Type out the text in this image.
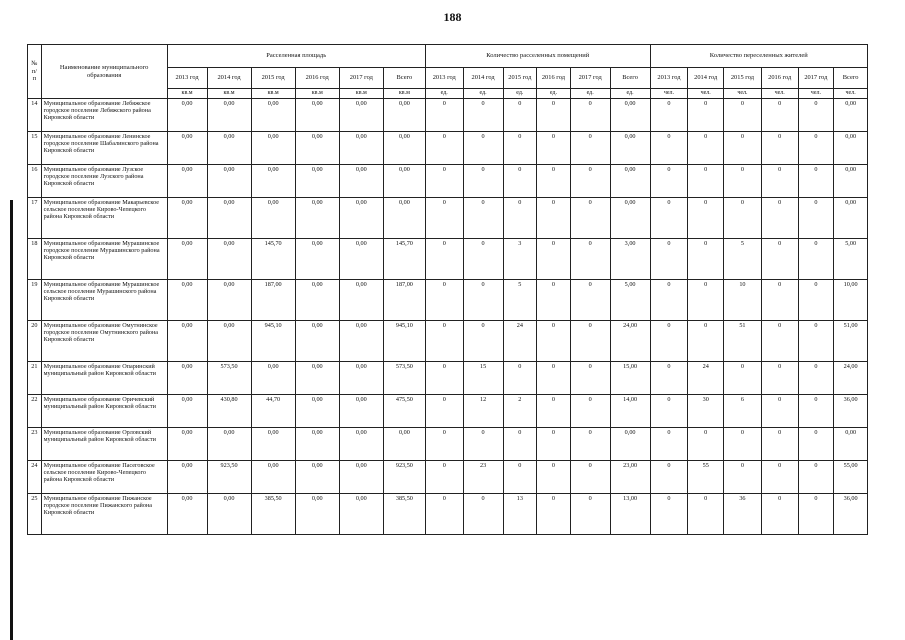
188
№ п/п	Наименование муниципального образования	Расселенная площадь						Количество расселенных помещений						Количество переселенных жителей					
		2013 год	2014 год	2015 год	2016 год	2017 год	Всего	2013 год	2014 год	2015 год	2016 год	2017 год	Всего	2013 год	2014 год	2015 год	2016 год	2017 год	Всего
		кв.м	кв.м	кв.м	кв.м	кв.м	кв.м	ед.	ед.	ед.	ед.	ед.	ед.	чел.	чел.	чел.	чел.	чел.	чел.
14	Муниципальное образование Лебяжское городское поселение Лебяжского района Кировской области	0,00	0,00	0,00	0,00	0,00	0,00	0	0	0	0	0	0,00	0	0	0	0	0	0,00
15	Муниципальное образование Ленинское городское поселение Шабалинского района Кировской области	0,00	0,00	0,00	0,00	0,00	0,00	0	0	0	0	0	0,00	0	0	0	0	0	0,00
16	Муниципальное образование Лузское городское поселение Лузского района Кировской области	0,00	0,00	0,00	0,00	0,00	0,00	0	0	0	0	0	0,00	0	0	0	0	0	0,00
17	Муниципальное образование Макарьевское сельское поселение Кирово-Чепецкого района Кировской области	0,00	0,00	0,00	0,00	0,00	0,00	0	0	0	0	0	0,00	0	0	0	0	0	0,00
18	Муниципальное образование Мурашинское городское поселение Мурашинского района Кировской области	0,00	0,00	145,70	0,00	0,00	145,70	0	0	3	0	0	3,00	0	0	5	0	0	5,00
19	Муниципальное образование Мурашинское сельское поселение Мурашинского района Кировской области	0,00	0,00	187,00	0,00	0,00	187,00	0	0	5	0	0	5,00	0	0	10	0	0	10,00
20	Муниципальное образование Омутнинское городское поселение Омутнинского района Кировской области	0,00	0,00	945,10	0,00	0,00	945,10	0	0	24	0	0	24,00	0	0	51	0	0	51,00
21	Муниципальное образование Опаринский муниципальный район Кировской области	0,00	573,50	0,00	0,00	0,00	573,50	0	15	0	0	0	15,00	0	24	0	0	0	24,00
22	Муниципальное образование Оричевский муниципальный район Кировской области	0,00	430,80	44,70	0,00	0,00	475,50	0	12	2	0	0	14,00	0	30	6	0	0	36,00
23	Муниципальное образование Орловский муниципальный район Кировской области	0,00	0,00	0,00	0,00	0,00	0,00	0	0	0	0	0	0,00	0	0	0	0	0	0,00
24	Муниципальное образование Пасеговское сельское поселение Кирово-Чепецкого района Кировской области	0,00	923,50	0,00	0,00	0,00	923,50	0	23	0	0	0	23,00	0	55	0	0	0	55,00
25	Муниципальное образование Пижанское городское поселение Пижанского района Кировской области	0,00	0,00	385,50	0,00	0,00	385,50	0	0	13	0	0	13,00	0	0	36	0	0	36,00
